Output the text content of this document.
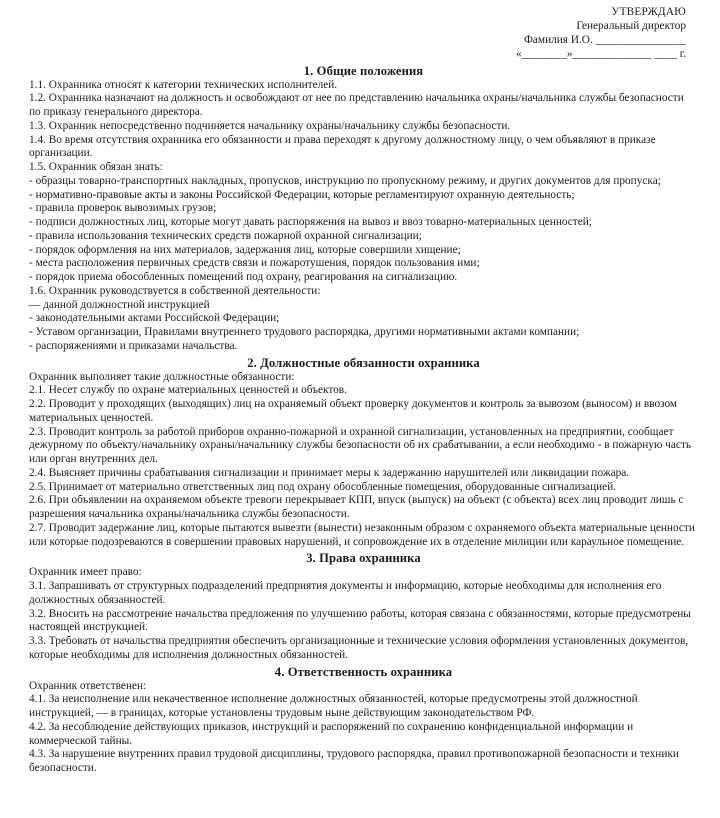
УТВЕРЖДАЮ
Генеральный директор
Фамилия И.О. ________________
«________»______________ ____ г.
1. Общие положения

1.1. Охранника относят к категории технических исполнителей.

1.2. Охранника назначают на должность и освобождают от нее по представлению начальника охраны/начальника службы безопасности по приказу генерального директора.

1.3. Охранник непосредственно подчиняется начальнику охраны/начальнику службы безопасности.

1.4. Во время отсутствия охранника его обязанности и права переходят к другому должностному лицу, о чем объявляют в приказе организации.

1.5. Охранник обязан знать:

- образцы товарно-транспортных накладных, пропусков, инструкцию по пропускному режиму, и других документов для пропуска;

- нормативно-правовые акты и законы Российской Федерации, которые регламентируют охранную деятельность;

- правила проверок вывозимых грузов;

- подписи должностных лиц, которые могут давать распоряжения на вывоз и ввоз товарно-материальных ценностей;

- правила использования технических средств пожарной охранной сигнализации;

- порядок оформления на них материалов, задержания лиц, которые совершили хищение;

- места расположения первичных средств связи и пожаротушения, порядок пользования ими;

- порядок приема обособленных помещений под охрану, реагирования на сигнализацию.

1.6. Охранник руководствуется в собственной деятельности:

— данной должностной инструкцией

- законодательными актами Российской Федерации;

- Уставом организации, Правилами внутреннего трудового распорядка, другими нормативными актами компании;

- распоряжениями и приказами начальства.

2. Должностные обязанности охранника

Охранник выполняет такие должностные обязанности:

2.1. Несет службу по охране материальных ценностей и объектов.

2.2. Проводит у проходящих (выходящих) лиц на охраняемый объект проверку документов и контроль за вывозом (выносом) и ввозом материальных ценностей.

2.3. Проводит контроль за работой приборов охранно-пожарной и охранной сигнализации, установленных на предприятии, сообщает дежурному по объекту/начальнику охраны/начальнику службы безопасности об их срабатывании, а если необходимо - в пожарную часть или орган внутренних дел.

2.4. Выясняет причины срабатывания сигнализации и принимает меры к задержанию нарушителей или ликвидации пожара.

2.5. Принимает от материально ответственных лиц под охрану обособленные помещения, оборудованные сигнализацией.

2.6. При объявлении на охраняемом объекте тревоги перекрывает КПП, впуск (выпуск) на объект (с объекта) всех лиц проводит лишь с разрешения начальника охраны/начальника службы безопасности.

2.7. Проводит задержание лиц, которые пытаются вывезти (вынести) незаконным образом с охраняемого объекта материальные ценности или которые подозреваются в совершении правовых нарушений, и сопровождение их в отделение милиции или караульное помещение.

3. Права охранника

Охранник имеет право:

3.1. Запрашивать от структурных подразделений предприятия документы и информацию, которые необходимы для исполнения его должностных обязанностей.

3.2. Вносить на рассмотрение начальства предложения по улучшению работы, которая связана с обязанностями, которые предусмотрены настоящей инструкцией.

3.3. Требовать от начальства предприятия обеспечить организационные и технические условия оформления установленных документов, которые необходимы для исполнения должностных обязанностей.

4. Ответственность охранника

Охранник ответственен:

4.1. За неисполнение или некачественное исполнение должностных обязанностей, которые предусмотрены этой должностной инструкцией, — в границах, которые установлены трудовым ныне действующим законодательством РФ.

4.2. За несоблюдение действующих приказов, инструкций и распоряжений по сохранению конфиденциальной информации и коммерческой тайны.

4.3. За нарушение внутренних правил трудовой дисциплины, трудового распорядка, правил противопожарной безопасности и техники безопасности.
